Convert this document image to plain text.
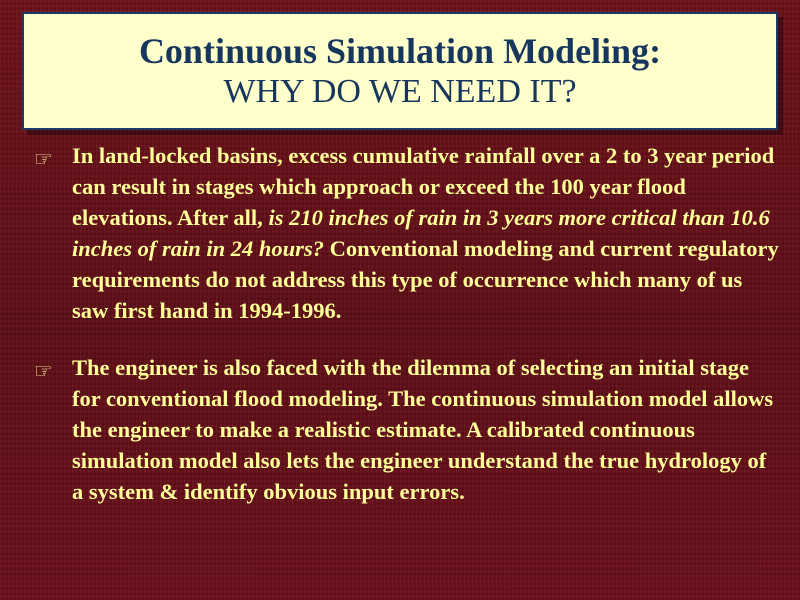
Continuous Simulation Modeling:
WHY DO WE NEED IT?
☞ In land-locked basins, excess cumulative rainfall over a 2 to 3 year period can result in stages which approach or exceed the 100 year flood elevations. After all, is 210 inches of rain in 3 years more critical than 10.6 inches of rain in 24 hours? Conventional modeling and current regulatory requirements do not address this type of occurrence which many of us saw first hand in 1994-1996.
☞ The engineer is also faced with the dilemma of selecting an initial stage for conventional flood modeling. The continuous simulation model allows the engineer to make a realistic estimate. A calibrated continuous simulation model also lets the engineer understand the true hydrology of a system & identify obvious input errors.
